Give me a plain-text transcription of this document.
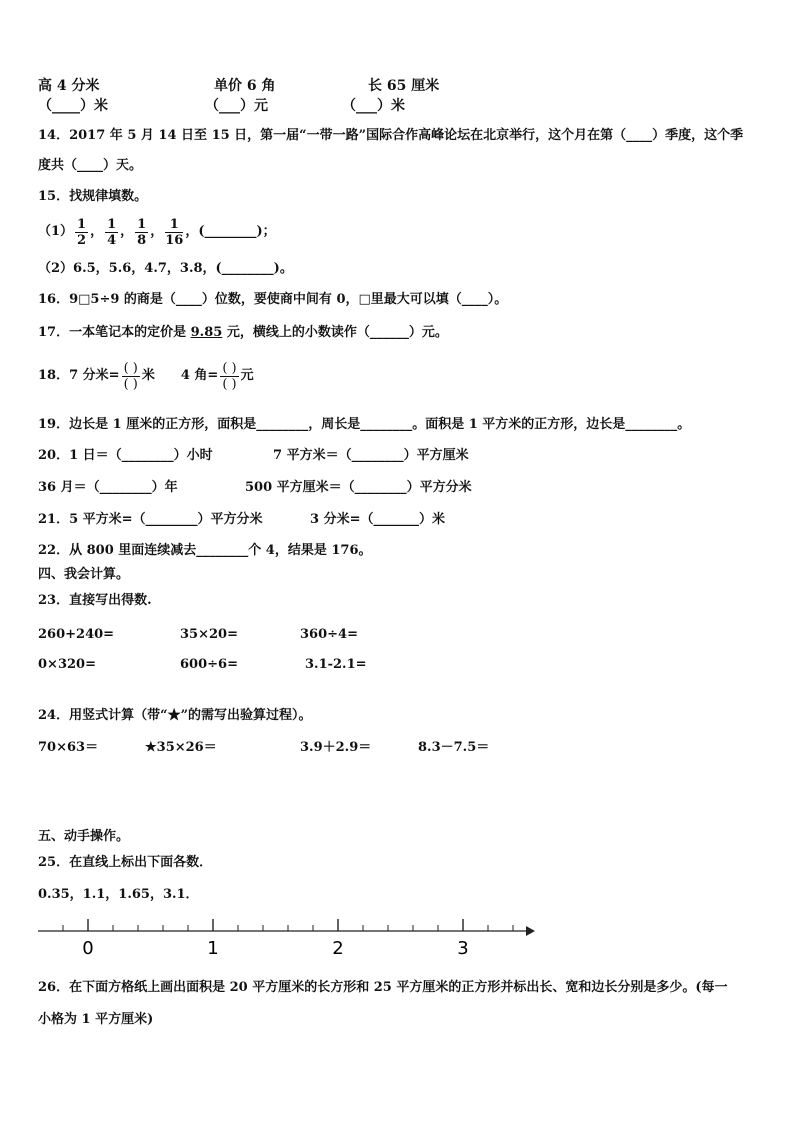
高 4 分米	单价 6 角	长 65 厘米
（____）米	（___）元	（___）米
14．2017 年 5 月 14 日至 15 日，第一届“一带一路”国际合作高峰论坛在北京举行，这个月在第（____）季度，这个季
度共（____）天。
15．找规律填数。
$(1) \frac{1}{2}$ ， $\frac{1}{4}$ ， $\frac{1}{8}$ ， $\frac{1}{16}$ ，(________)；
（2）6.5，5.6，4.7，3.8，(________)。
16．9□5÷9 的商是（____）位数，要使商中间有 0，□里最大可以填（____）。
17．一本笔记本的定价是 9.85 元，横线上的小数读作（______）元。
18．7 分米= $\frac{( )}{( )}$ 米 4 角= $\frac{( )}{( )}$ 元
19．边长是 1 厘米的正方形，面积是________，周长是________。面积是 1 平方米的正方形，边长是________。
20．1 日＝（________）小时	7 平方米＝（________）平方厘米
36 月＝（________）年	500 平方厘米＝（________）平方分米
21．5 平方米=（________）平方分米	3 分米=（_______）米
22．从 800 里面连续减去________个 4，结果是 176。
四、我会计算。
23．直接写出得数.
260+240=	35×20=	360÷4=
0×320=	600÷6=	3.1-2.1=
24．用竖式计算（带“★”的需写出验算过程）。
70×63＝	★35×26＝	3.9＋2.9＝	8.3－7.5＝
五、动手操作。
25．在直线上标出下面各数．
0.35，1.1，1.65，3.1．
0	1	2	3
26．在下面方格纸上画出面积是 20 平方厘米的长方形和 25 平方厘米的正方形并标出长、宽和边长分别是多少。(每一
小格为 1 平方厘米)
